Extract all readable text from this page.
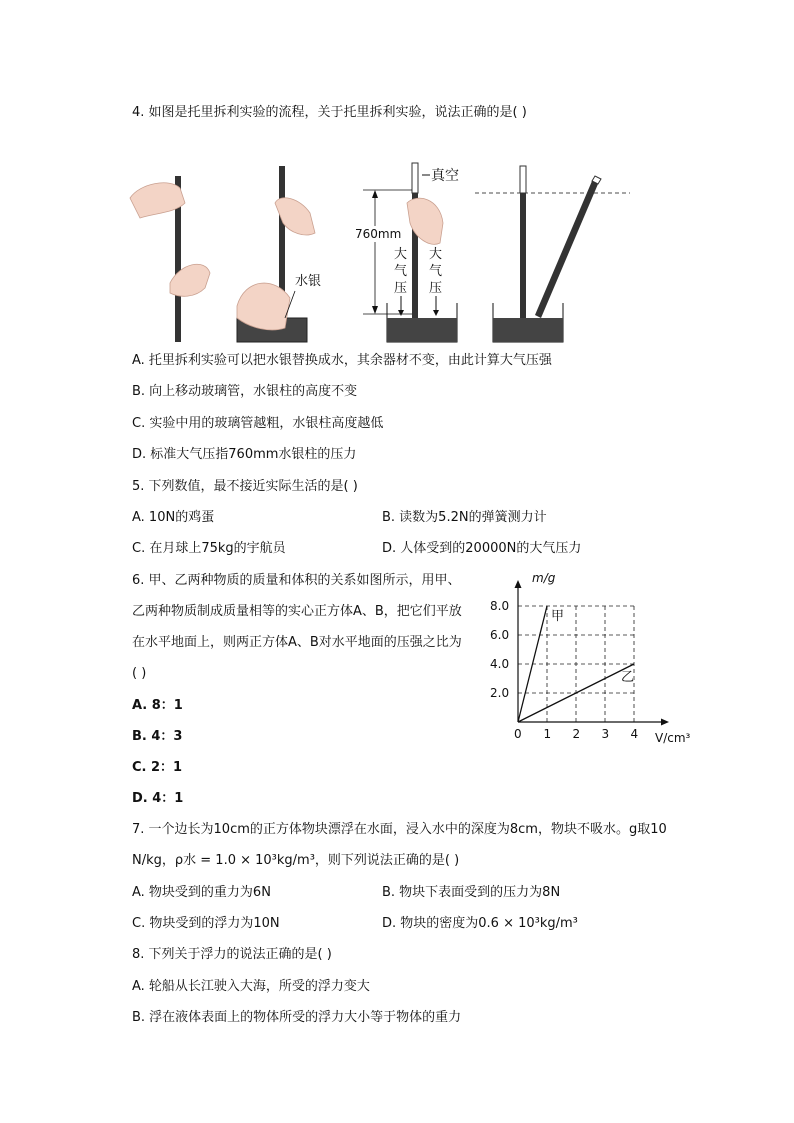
4. 如图是托里拆利实验的流程，关于托里拆利实验，说法正确的是( )
水银
真空
760mm
大
气
压
大
气
压
A. 托里拆利实验可以把水银替换成水，其余器材不变，由此计算大气压强
B. 向上移动玻璃管，水银柱的高度不变
C. 实验中用的玻璃管越粗，水银柱高度越低
D. 标准大气压指760mm水银柱的压力
5. 下列数值，最不接近实际生活的是( )
A. 10N的鸡蛋	B. 读数为5.2N的弹簧测力计
C. 在月球上75kg的宇航员	D. 人体受到的20000N的大气压力
6. 甲、乙两种物质的质量和体积的关系如图所示，用甲、
乙两种物质制成质量相等的实心正方体A、B，把它们平放
在水平地面上，则两正方体A、B对水平地面的压强之比为
( )
A. 8：1
B. 4：3
C. 2：1
D. 4：1
m/g
V/cm³
2.0
4.0
6.0
8.0
0 1 2 3 4
甲
乙
7. 一个边长为10cm的正方体物块漂浮在水面，浸入水中的深度为8cm，物块不吸水。g取10
N/kg，ρ水 = 1.0 × 10³kg/m³，则下列说法正确的是( )
A. 物块受到的重力为6N	B. 物块下表面受到的压力为8N
C. 物块受到的浮力为10N	D. 物块的密度为0.6 × 10³kg/m³
8. 下列关于浮力的说法正确的是( )
A. 轮船从长江驶入大海，所受的浮力变大
B. 浮在液体表面上的物体所受的浮力大小等于物体的重力
